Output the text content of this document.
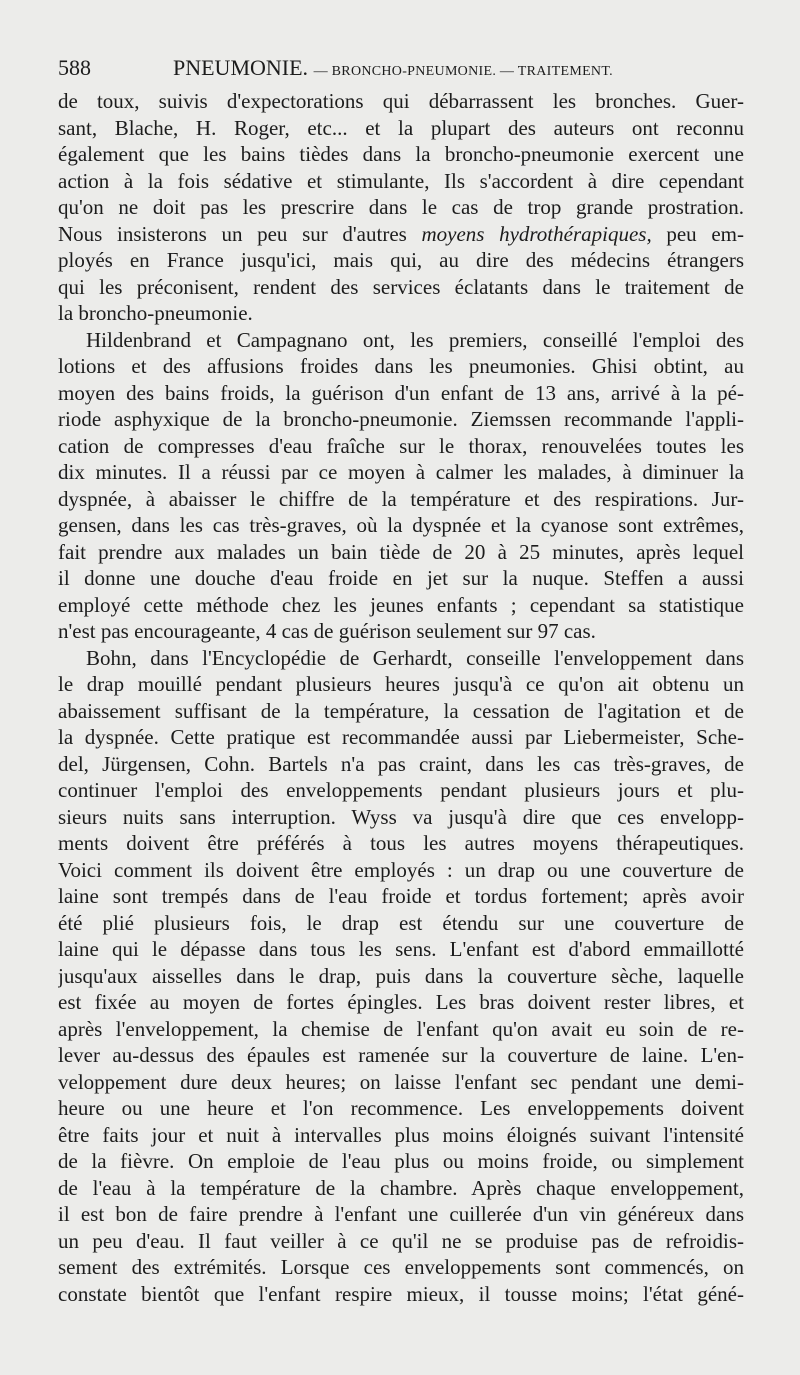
588	PNEUMONIE. — BRONCHO-PNEUMONIE. — TRAITEMENT.
de toux, suivis d'expectorations qui débarrassent les bronches. Guer-
sant, Blache, H. Roger, etc... et la plupart des auteurs ont reconnu
également que les bains tièdes dans la broncho-pneumonie exercent une
action à la fois sédative et stimulante, Ils s'accordent à dire cependant
qu'on ne doit pas les prescrire dans le cas de trop grande prostration.
Nous insisterons un peu sur d'autres moyens hydrothérapiques, peu em-
ployés en France jusqu'ici, mais qui, au dire des médecins étrangers
qui les préconisent, rendent des services éclatants dans le traitement de
la broncho-pneumonie.
Hildenbrand et Campagnano ont, les premiers, conseillé l'emploi des
lotions et des affusions froides dans les pneumonies. Ghisi obtint, au
moyen des bains froids, la guérison d'un enfant de 13 ans, arrivé à la pé-
riode asphyxique de la broncho-pneumonie. Ziemssen recommande l'appli-
cation de compresses d'eau fraîche sur le thorax, renouvelées toutes les
dix minutes. Il a réussi par ce moyen à calmer les malades, à diminuer la
dyspnée, à abaisser le chiffre de la température et des respirations. Jur-
gensen, dans les cas très-graves, où la dyspnée et la cyanose sont extrêmes,
fait prendre aux malades un bain tiède de 20 à 25 minutes, après lequel
il donne une douche d'eau froide en jet sur la nuque. Steffen a aussi
employé cette méthode chez les jeunes enfants ; cependant sa statistique
n'est pas encourageante, 4 cas de guérison seulement sur 97 cas.
Bohn, dans l'Encyclopédie de Gerhardt, conseille l'enveloppement dans
le drap mouillé pendant plusieurs heures jusqu'à ce qu'on ait obtenu un
abaissement suffisant de la température, la cessation de l'agitation et de
la dyspnée. Cette pratique est recommandée aussi par Liebermeister, Sche-
del, Jürgensen, Cohn. Bartels n'a pas craint, dans les cas très-graves, de
continuer l'emploi des enveloppements pendant plusieurs jours et plu-
sieurs nuits sans interruption. Wyss va jusqu'à dire que ces envelopp-
ments doivent être préférés à tous les autres moyens thérapeutiques.
Voici comment ils doivent être employés : un drap ou une couverture de
laine sont trempés dans de l'eau froide et tordus fortement; après avoir
été plié plusieurs fois, le drap est étendu sur une couverture de
laine qui le dépasse dans tous les sens. L'enfant est d'abord emmaillotté
jusqu'aux aisselles dans le drap, puis dans la couverture sèche, laquelle
est fixée au moyen de fortes épingles. Les bras doivent rester libres, et
après l'enveloppement, la chemise de l'enfant qu'on avait eu soin de re-
lever au-dessus des épaules est ramenée sur la couverture de laine. L'en-
veloppement dure deux heures; on laisse l'enfant sec pendant une demi-
heure ou une heure et l'on recommence. Les enveloppements doivent
être faits jour et nuit à intervalles plus moins éloignés suivant l'intensité
de la fièvre. On emploie de l'eau plus ou moins froide, ou simplement
de l'eau à la température de la chambre. Après chaque enveloppement,
il est bon de faire prendre à l'enfant une cuillerée d'un vin généreux dans
un peu d'eau. Il faut veiller à ce qu'il ne se produise pas de refroidis-
sement des extrémités. Lorsque ces enveloppements sont commencés, on
constate bientôt que l'enfant respire mieux, il tousse moins; l'état géné-
